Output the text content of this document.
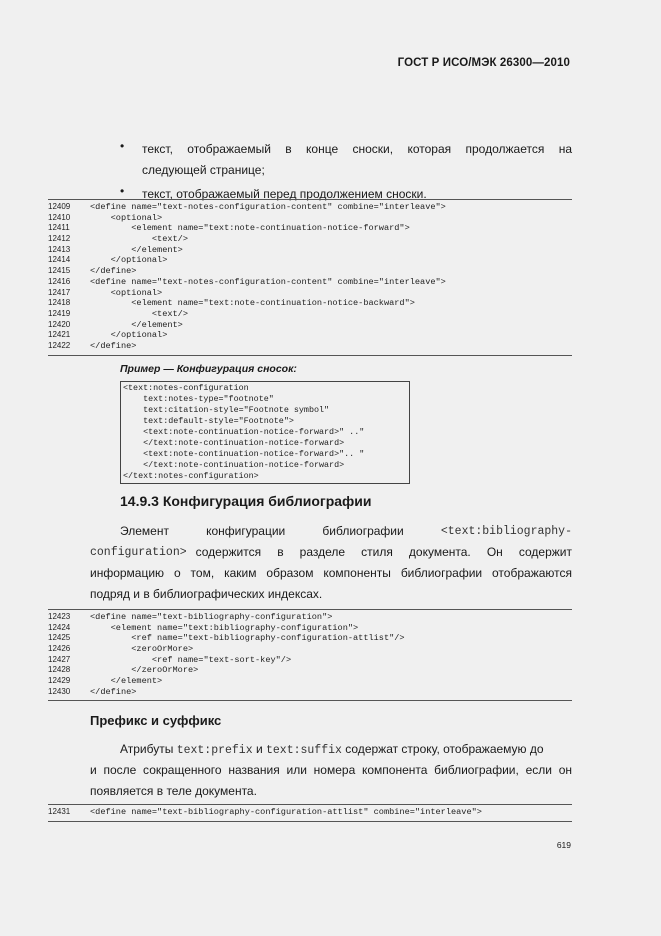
ГОСТ Р ИСО/МЭК 26300—2010
• текст, отображаемый в конце сноски, которая продолжается на
следующей странице;
• текст, отображаемый перед продолжением сноски.
12409	<define name="text-notes-configuration-content" combine="interleave">
12410	<optional>
12411	<element name="text:note-continuation-notice-forward">
12412	<text/>
12413	</element>
12414	</optional>
12415	</define>
12416	<define name="text-notes-configuration-content" combine="interleave">
12417	<optional>
12418	<element name="text:note-continuation-notice-backward">
12419	<text/>
12420	</element>
12421	</optional>
12422	</define>
Пример — Конфигурация сносок:
<text:notes-configuration
text:notes-type="footnote"
text:citation-style="Footnote symbol"
text:default-style="Footnote">
<text:note-continuation-notice-forward>" .."
</text:note-continuation-notice-forward>
<text:note-continuation-notice-forward>".. "
</text:note-continuation-notice-forward>
</text:notes-configuration>
14.9.3 Конфигурация библиографии
Элемент	конфигурации	библиографии	<text:bibliography-
configuration> содержится в разделе стиля документа. Он содержит
информацию о том, каким образом компоненты библиографии отображаются
подряд и в библиографических индексах.
12423	<define name="text-bibliography-configuration">
12424	<element name="text:bibliography-configuration">
12425	<ref name="text-bibliography-configuration-attlist"/>
12426	<zeroOrMore>
12427	<ref name="text-sort-key"/>
12428	</zeroOrMore>
12429	</element>
12430	</define>
Префикс и суффикс
Атрибуты text:prefix и text:suffix содержат строку, отображаемую до
и после сокращенного названия или номера компонента библиографии, если он
появляется в теле документа.
12431	<define name="text-bibliography-configuration-attlist" combine="interleave">
619
